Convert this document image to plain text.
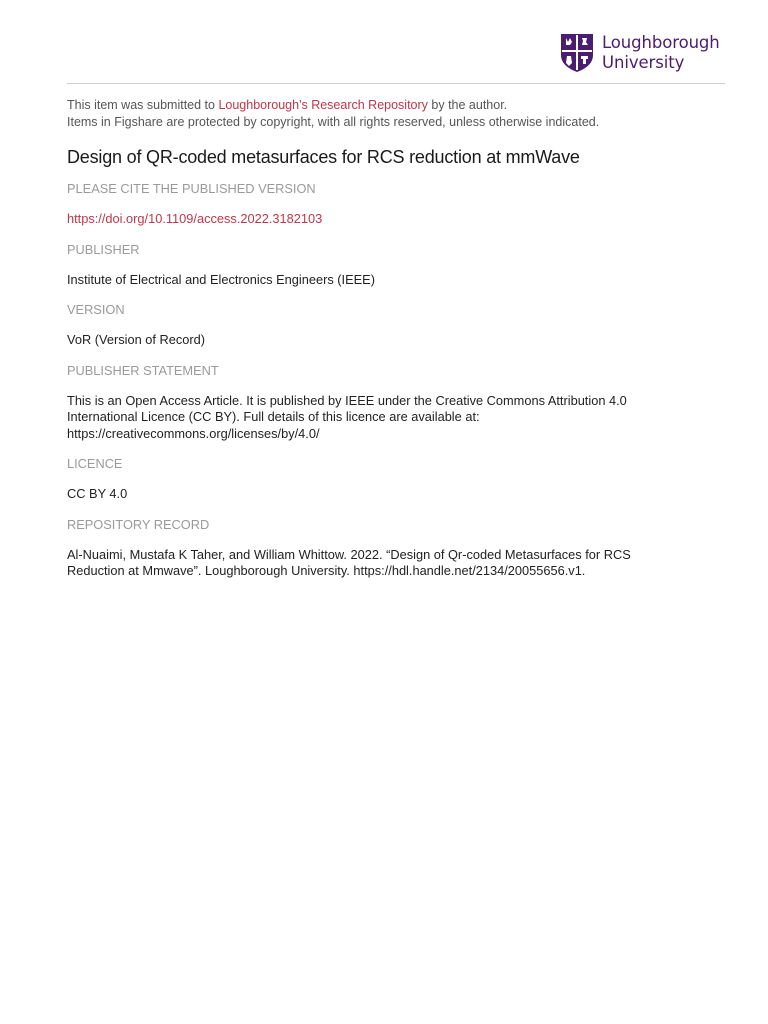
Loughborough
University
This item was submitted to Loughborough's Research Repository by the author.
Items in Figshare are protected by copyright, with all rights reserved, unless otherwise indicated.
Design of QR-coded metasurfaces for RCS reduction at mmWave
PLEASE CITE THE PUBLISHED VERSION
https://doi.org/10.1109/access.2022.3182103
PUBLISHER
Institute of Electrical and Electronics Engineers (IEEE)
VERSION
VoR (Version of Record)
PUBLISHER STATEMENT
This is an Open Access Article. It is published by IEEE under the Creative Commons Attribution 4.0
International Licence (CC BY). Full details of this licence are available at:
https://creativecommons.org/licenses/by/4.0/
LICENCE
CC BY 4.0
REPOSITORY RECORD
Al-Nuaimi, Mustafa K Taher, and William Whittow. 2022. “Design of Qr-coded Metasurfaces for RCS
Reduction at Mmwave”. Loughborough University. https://hdl.handle.net/2134/20055656.v1.
